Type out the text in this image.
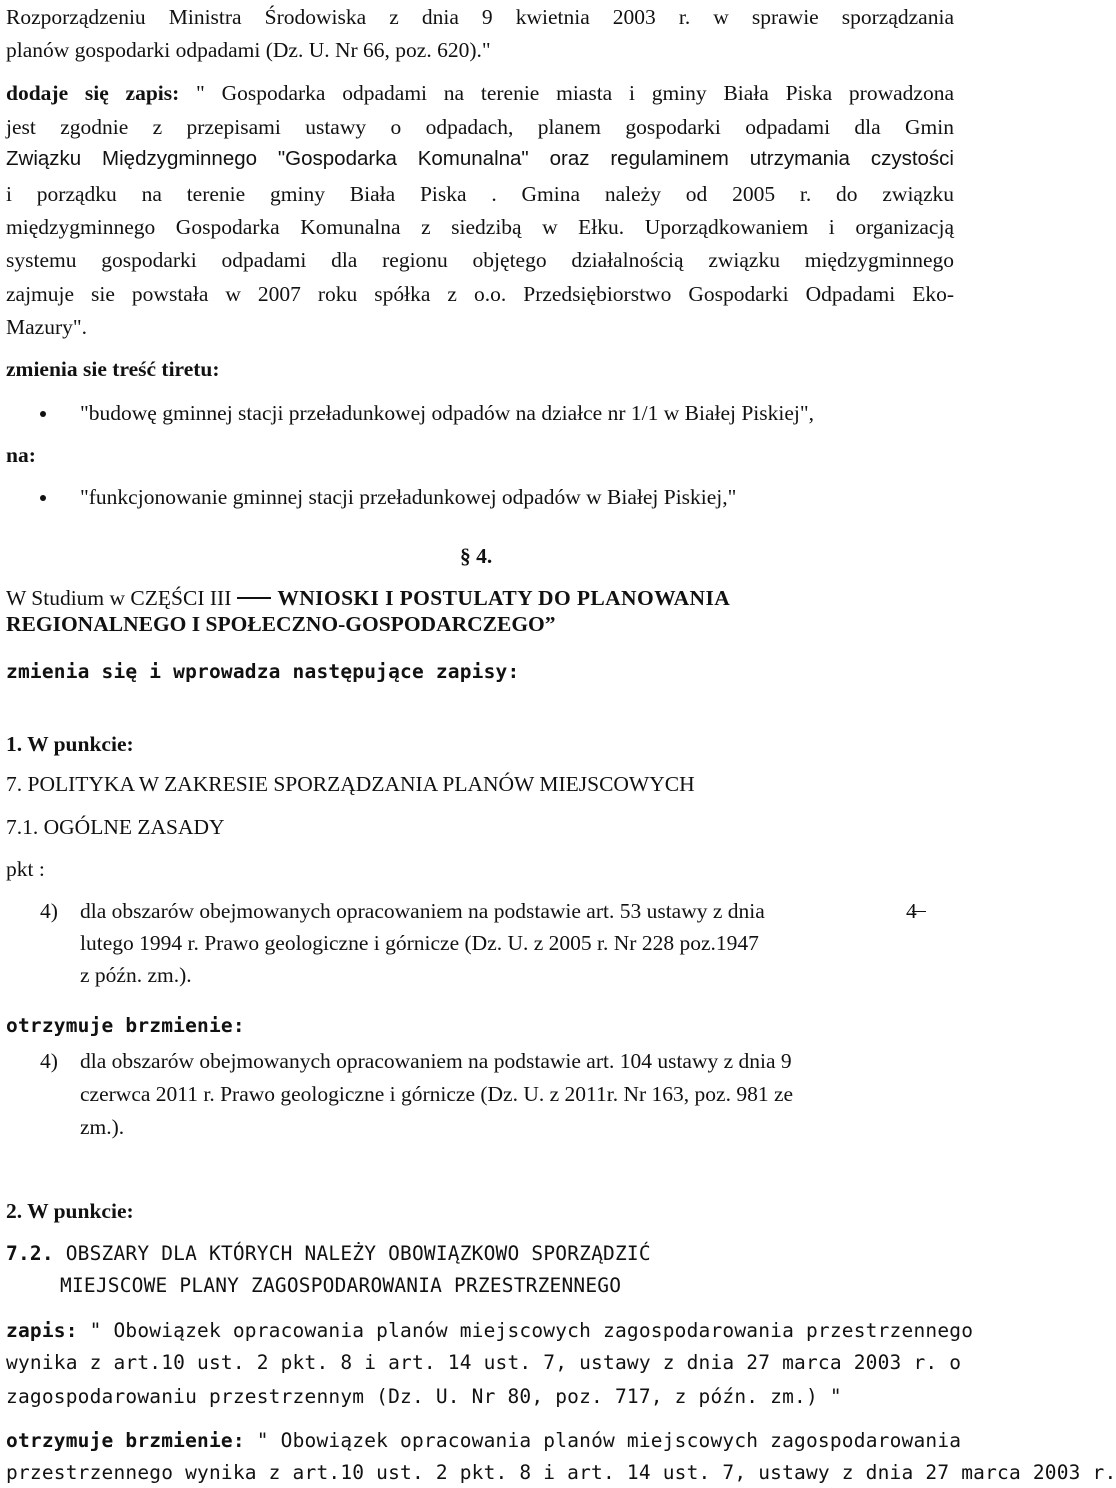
Rozporządzeniu Ministra Środowiska z dnia 9 kwietnia 2003 r. w sprawie sporządzania
planów gospodarki odpadami (Dz. U. Nr 66, poz. 620)."
dodaje się zapis: " Gospodarka odpadami na terenie miasta i gminy Biała Piska prowadzona
jest zgodnie z przepisami ustawy o odpadach, planem gospodarki odpadami dla Gmin
Związku Międzygminnego "Gospodarka Komunalna" oraz regulaminem utrzymania czystości
i porządku na terenie gminy Biała Piska . Gmina należy od 2005 r. do związku
międzygminnego Gospodarka Komunalna z siedzibą w Ełku. Uporządkowaniem i organizacją
systemu gospodarki odpadami dla regionu objętego działalnością związku międzygminnego
zajmuje sie powstała w 2007 roku spółka z o.o. Przedsiębiorstwo Gospodarki Odpadami Eko-
Mazury".
zmienia sie treść tiretu:
"budowę gminnej stacji przeładunkowej odpadów na działce nr 1/1 w Białej Piskiej",
na:
"funkcjonowanie gminnej stacji przeładunkowej odpadów w Białej Piskiej,"
§ 4.
W Studium w CZĘŚCI III WNIOSKI I POSTULATY DO PLANOWANIA
REGIONALNEGO I SPOŁECZNO-GOSPODARCZEGO”
zmienia się i wprowadza następujące zapisy:
1. W punkcie:
7. POLITYKA W ZAKRESIE SPORZĄDZANIA PLANÓW MIEJSCOWYCH
7.1. OGÓLNE ZASADY
pkt :
4) dla obszarów obejmowanych opracowaniem na podstawie art. 53 ustawy z dnia	4
lutego 1994 r. Prawo geologiczne i górnicze (Dz. U. z 2005 r. Nr 228 poz.1947
z późn. zm.).
otrzymuje brzmienie:
4) dla obszarów obejmowanych opracowaniem na podstawie art. 104 ustawy z dnia 9
czerwca 2011 r. Prawo geologiczne i górnicze (Dz. U. z 2011r. Nr 163, poz. 981 ze
zm.).
2. W punkcie:
7.2. OBSZARY DLA KTÓRYCH NALEŻY OBOWIĄZKOWO SPORZĄDZIĆ
MIEJSCOWE PLANY ZAGOSPODAROWANIA PRZESTRZENNEGO
zapis: " Obowiązek opracowania planów miejscowych zagospodarowania przestrzennego
wynika z art.10 ust. 2 pkt. 8 i art. 14 ust. 7, ustawy z dnia 27 marca 2003 r. o
zagospodarowaniu przestrzennym (Dz. U. Nr 80, poz. 717, z późn. zm.) "
otrzymuje brzmienie: " Obowiązek opracowania planów miejscowych zagospodarowania
przestrzennego wynika z art.10 ust. 2 pkt. 8 i art. 14 ust. 7, ustawy z dnia 27 marca 2003 r.
